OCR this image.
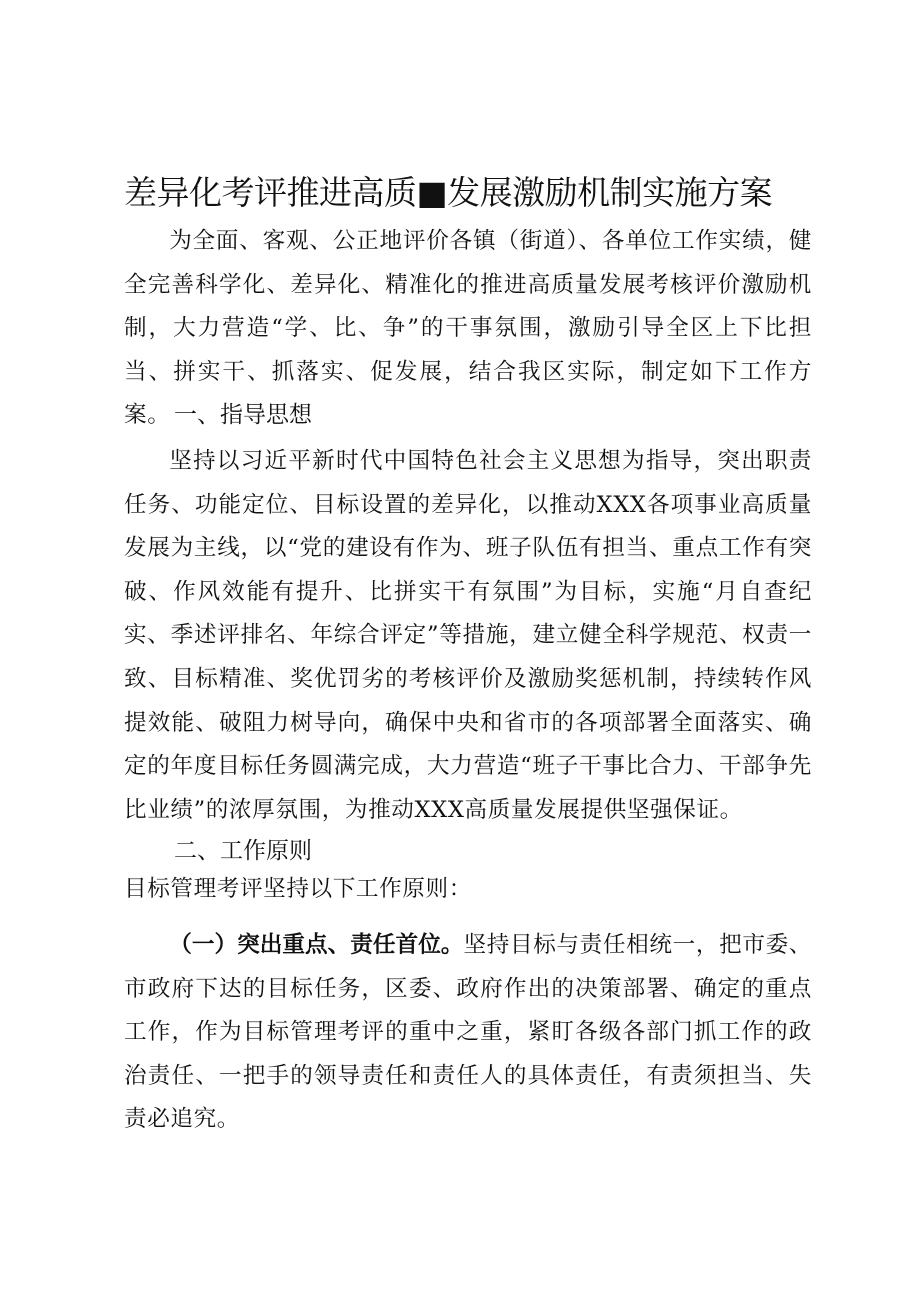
差异化考评推进高质■发展激励机制实施方案

为全面、客观、公正地评价各镇（街道）、各单位工作实绩，健全完善科学化、差异化、精准化的推进高质量发展考核评价激励机制，大力营造“学、比、争”的干事氛围，激励引导全区上下比担当、拼实干、抓落实、促发展，结合我区实际，制定如下工作方案。 一、指导思想

坚持以习近平新时代中国特色社会主义思想为指导，突出职责任务、功能定位、目标设置的差异化，以推动XXX各项事业高质量发展为主线，以“党的建设有作为、班子队伍有担当、重点工作有突破、作风效能有提升、比拼实干有氛围”为目标，实施“月自查纪实、季述评排名、年综合评定”等措施，建立健全科学规范、权责一致、目标精准、奖优罚劣的考核评价及激励奖惩机制，持续转作风提效能、破阻力树导向，确保中央和省市的各项部署全面落实、确定的年度目标任务圆满完成，大力营造“班子干事比合力、干部争先比业绩”的浓厚氛围，为推动XXX高质量发展提供坚强保证。

二、工作原则

目标管理考评坚持以下工作原则：

（一）突出重点、责任首位。坚持目标与责任相统一，把市委、市政府下达的目标任务，区委、政府作出的决策部署、确定的重点工作，作为目标管理考评的重中之重，紧盯各级各部门抓工作的政治责任、一把手的领导责任和责任人的具体责任，有责须担当、失责必追究。
